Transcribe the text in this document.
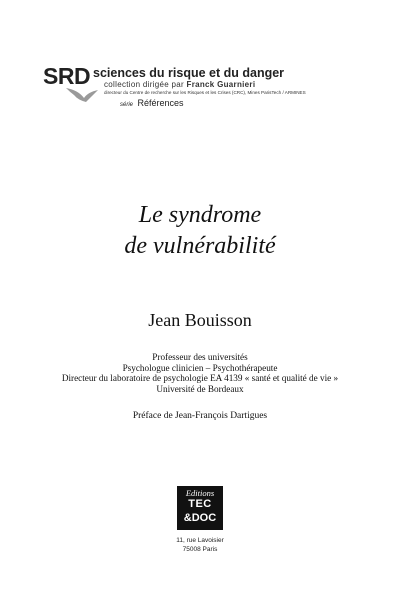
SRD sciences du risque et du danger
collection dirigée par Franck Guarnieri
directeur du Centre de recherche sur les Risques et les Crises (CRC), Mines ParisTech / ARMINES
série Références
Le syndrome
de vulnérabilité
Jean Bouisson
Professeur des universités
Psychologue clinicien – Psychothérapeute
Directeur du laboratoire de psychologie EA 4139 « santé et qualité de vie »
Université de Bordeaux
Préface de Jean-François Dartigues
Editions
TEC
&DOC
11, rue Lavoisier
75008 Paris
